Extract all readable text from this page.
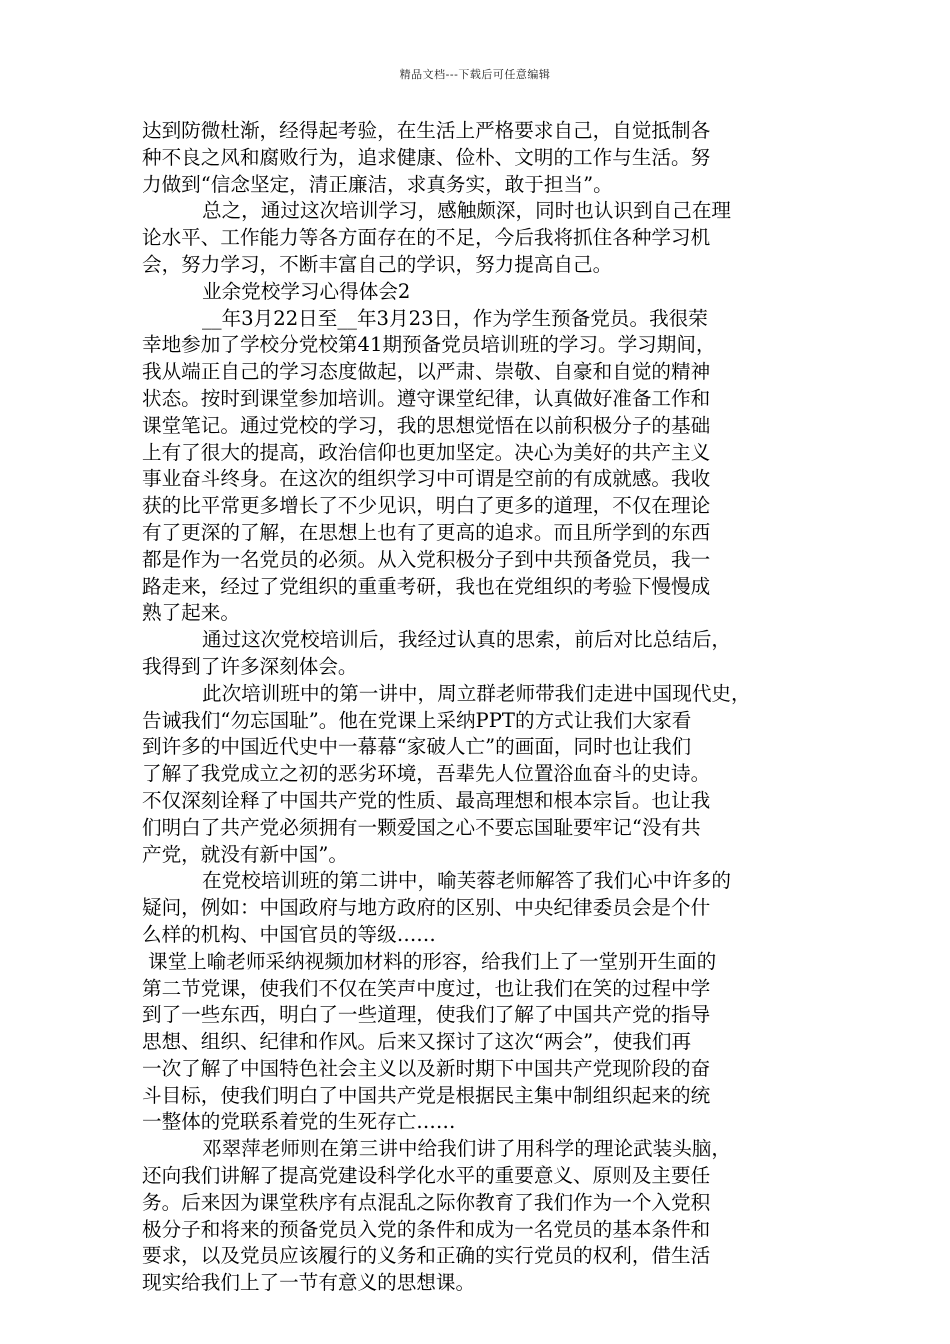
精品文档---下载后可任意编辑
达到防微杜渐，经得起考验，在生活上严格要求自己，自觉抵制各
种不良之风和腐败行为，追求健康、俭朴、文明的工作与生活。努
力做到“信念坚定，清正廉洁，求真务实，敢于担当”。
总之，通过这次培训学习，感触颇深，同时也认识到自己在理
论水平、工作能力等各方面存在的不足，今后我将抓住各种学习机
会，努力学习，不断丰富自己的学识，努力提高自己。
业余党校学习心得体会2
__年3月22日至__年3月23日，作为学生预备党员。我很荣
幸地参加了学校分党校第41期预备党员培训班的学习。学习期间，
我从端正自己的学习态度做起，以严肃、崇敬、自豪和自觉的精神
状态。按时到课堂参加培训。遵守课堂纪律，认真做好准备工作和
课堂笔记。通过党校的学习，我的思想觉悟在以前积极分子的基础
上有了很大的提高，政治信仰也更加坚定。决心为美好的共产主义
事业奋斗终身。在这次的组织学习中可谓是空前的有成就感。我收
获的比平常更多增长了不少见识，明白了更多的道理，不仅在理论
有了更深的了解，在思想上也有了更高的追求。而且所学到的东西
都是作为一名党员的必须。从入党积极分子到中共预备党员，我一
路走来，经过了党组织的重重考研，我也在党组织的考验下慢慢成
熟了起来。
通过这次党校培训后，我经过认真的思索，前后对比总结后，
我得到了许多深刻体会。
此次培训班中的第一讲中，周立群老师带我们走进中国现代史，
告诫我们“勿忘国耻”。他在党课上采纳PPT的方式让我们大家看
到许多的中国近代史中一幕幕“家破人亡”的画面，同时也让我们
了解了我党成立之初的恶劣环境，吾辈先人位置浴血奋斗的史诗。
不仅深刻诠释了中国共产党的性质、最高理想和根本宗旨。也让我
们明白了共产党必须拥有一颗爱国之心不要忘国耻要牢记“没有共
产党，就没有新中国”。
在党校培训班的第二讲中，喻芙蓉老师解答了我们心中许多的
疑问，例如：中国政府与地方政府的区别、中央纪律委员会是个什
么样的机构、中国官员的等级……
课堂上喻老师采纳视频加材料的形容，给我们上了一堂别开生面的
第二节党课，使我们不仅在笑声中度过，也让我们在笑的过程中学
到了一些东西，明白了一些道理，使我们了解了中国共产党的指导
思想、组织、纪律和作风。后来又探讨了这次“两会”，使我们再
一次了解了中国特色社会主义以及新时期下中国共产党现阶段的奋
斗目标，使我们明白了中国共产党是根据民主集中制组织起来的统
一整体的党联系着党的生死存亡……
邓翠萍老师则在第三讲中给我们讲了用科学的理论武装头脑，
还向我们讲解了提高党建设科学化水平的重要意义、原则及主要任
务。后来因为课堂秩序有点混乱之际你教育了我们作为一个入党积
极分子和将来的预备党员入党的条件和成为一名党员的基本条件和
要求，以及党员应该履行的义务和正确的实行党员的权利，借生活
现实给我们上了一节有意义的思想课。
